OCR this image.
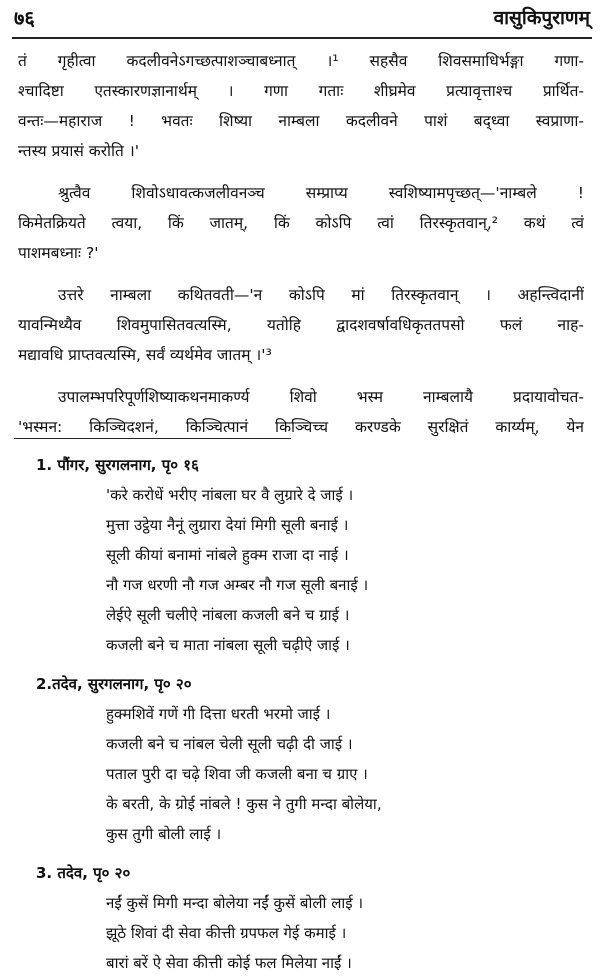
७६	वासुकिपुराणम्
तं गृहीत्वा कदलीवनेऽगच्छत्पाशञ्चाबध्नात् ।¹ सहसैव शिवसमाधिर्भङ्गा गणा-
श्चादिष्टा एतस्कारणज्ञानार्थम् । गणा गताः शीघ्रमेव प्रत्यावृत्ताश्च प्रार्थित-
वन्तः—महाराज ! भवतः शिष्या नाम्बला कदलीवने पाशं बद्ध्वा स्वप्राणा-
न्तस्य प्रयासं करोति ।'
श्रुत्वैव शिवोऽधावत्कजलीवनञ्च सम्प्राप्य स्वशिष्यामपृच्छत्—'नाम्बले !
किमेतक्रियते त्वया, किं जातम्, किं कोऽपि त्वां तिरस्कृतवान्,² कथं त्वं
पाशमबध्नाः ?'
उत्तरे नाम्बला कथितवती—'न कोऽपि मां तिरस्कृतवान् । अहन्त्विदानीं
यावन्मिथ्यैव शिवमुपासितवत्यस्मि, यतोहि द्वादशवर्षावधिकृततपसो फलं नाह-
मद्यावधि प्राप्तवत्यस्मि, सर्वं व्यर्थमेव जातम् ।'³
उपालम्भपरिपूर्णशिष्याकथनमाकर्ण्य शिवो भस्म नाम्बलायै प्रदायावोचत-
'भस्मन: किञ्चिदशनं, किञ्चित्पानं किञ्चिच्च करण्डके सुरक्षितं कार्य्यम्, येन
1. पौंगर, सुरगलनाग, पृ० १६
'करे करोधें भरीए नांबला घर वै लुग्रारे दे जाई ।
मुत्ता उट्ठेया नैनूं लुग्रारा देयां मिगी सूली बनाई ।
सूली कीयां बनामां नांबले हुक्म राजा दा नाई ।
नौ गज धरणी नौ गज अम्बर नौ गज सूली बनाई ।
लेईऐ सूली चलीऐ नांबला कजली बने च ग्राई ।
कजली बने च माता नांबला सूली चढ़ीऐ जाई ।
2.तदेव, सुरगलनाग, पृ० २०
हुक्मशिवें गणें गी दित्ता धरती भरमो जाई ।
कजली बने च नांबल चेली सूली चढ़ी दी जाई ।
पताल पुरी दा चढ़े शिवा जी कजली बना च ग्राए ।
के बरती, के ग्रोई नांबले ! कुस ने तुगी मन्दा बोलेया,
कुस तुगी बोली लाई ।
3. तदेव, पृ० २०
नईं कुसें मिगी मन्दा बोलेया नईं कुसें बोली लाई ।
झूठे शिवां दी सेवा कीत्ती ग्रपफल गेई कमाई ।
बारां बरें ऐ सेवा कीत्ती कोई फल मिलेया नाईं ।
